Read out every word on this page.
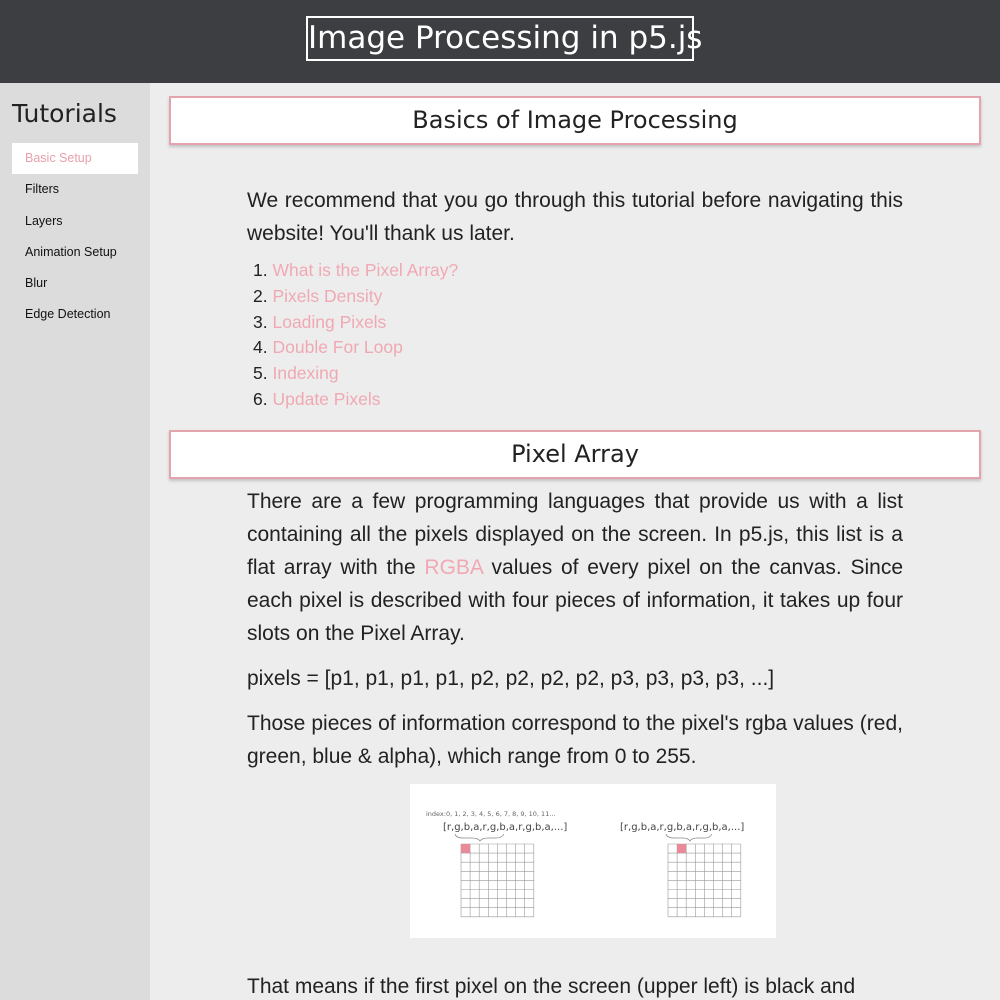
Image Processing in p5.js
Tutorials
Basic Setup
Filters
Layers
Animation Setup
Blur
Edge Detection
Basics of Image Processing

We recommend that you go through this tutorial before navigating this website! You'll thank us later.

1. What is the Pixel Array?
2. Pixels Density
3. Loading Pixels
4. Double For Loop
5. Indexing
6. Update Pixels
Pixel Array

There are a few programming languages that provide us with a list containing all the pixels displayed on the screen. In p5.js, this list is a flat array with the RGBA values of every pixel on the canvas. Since each pixel is described with four pieces of information, it takes up four slots on the Pixel Array.

pixels = [p1, p1, p1, p1, p2, p2, p2, p2, p3, p3, p3, p3, ...]

Those pieces of information correspond to the pixel's rgba values (red, green, blue & alpha), which range from 0 to 255.

index:0, 1, 2, 3, 4, 5, 6, 7, 8, 9, 10, 11...
[r,g,b,a,r,g,b,a,r,g,b,a,...]	[r,g,b,a,r,g,b,a,r,g,b,a,...]

That means if the first pixel on the screen (upper left) is black and
